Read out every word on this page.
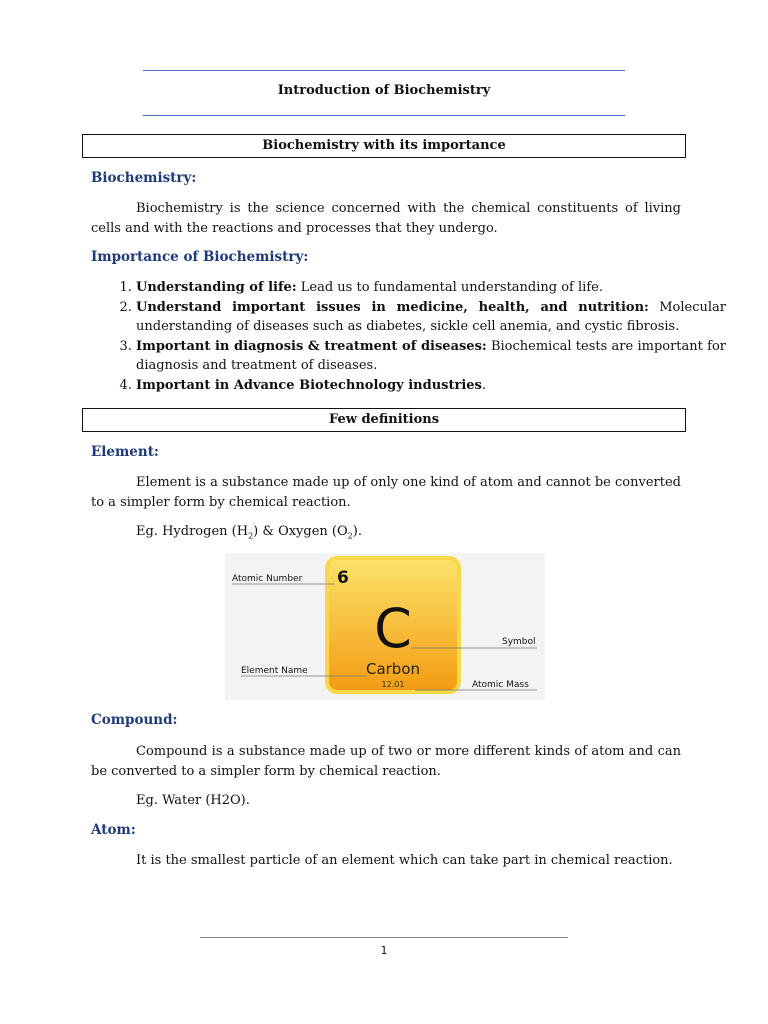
Introduction of Biochemistry
Biochemistry with its importance
Biochemistry:

Biochemistry is the science concerned with the chemical constituents of living cells and with the reactions and processes that they undergo.

Importance of Biochemistry:
1. Understanding of life: Lead us to fundamental understanding of life.
2. Understand important issues in medicine, health, and nutrition: Molecular understanding of diseases such as diabetes, sickle cell anemia, and cystic fibrosis.
3. Important in diagnosis & treatment of diseases: Biochemical tests are important for diagnosis and treatment of diseases.
4. Important in Advance Biotechnology industries.
Few definitions
Element:

Element is a substance made up of only one kind of atom and cannot be converted to a simpler form by chemical reaction.

Eg. Hydrogen $(H_2)$ & Oxygen $(O_2)$.

6
C
Carbon
12.01
Atomic Number
Symbol
Element Name
Atomic Mass
Compound:

Compound is a substance made up of two or more different kinds of atom and can be converted to a simpler form by chemical reaction.

Eg. Water (H2O).

Atom:

It is the smallest particle of an element which can take part in chemical reaction.

1
